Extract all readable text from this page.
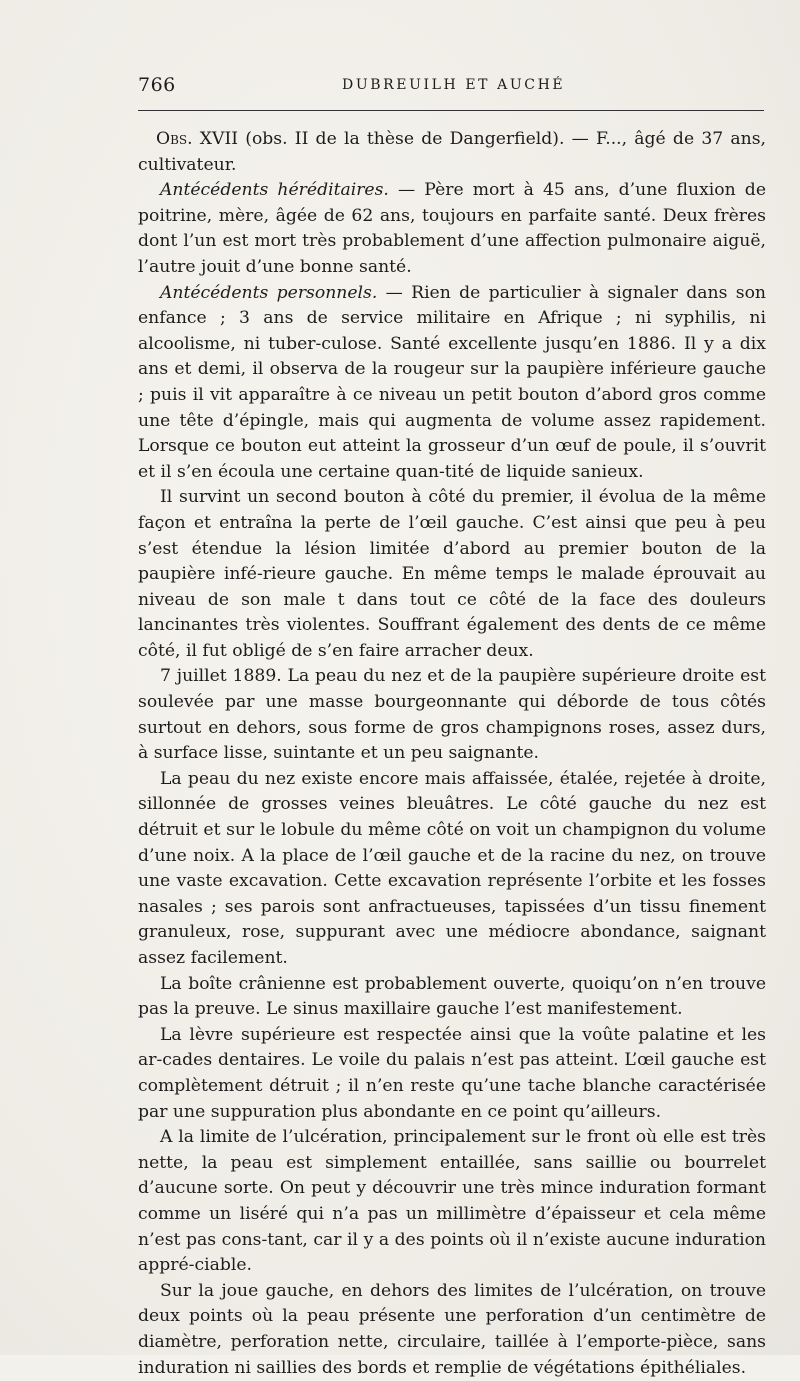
766	DUBREUILH ET AUCHÉ

Obs. XVII (obs. II de la thèse de Dangerfield). — F..., âgé de 37 ans, cultivateur.

Antécédents héréditaires. — Père mort à 45 ans, d’une fluxion de poitrine, mère, âgée de 62 ans, toujours en parfaite santé. Deux frères dont l’un est mort très probablement d’une affection pulmonaire aiguë, l’autre jouit d’une bonne santé.

Antécédents personnels. — Rien de particulier à signaler dans son enfance ; 3 ans de service militaire en Afrique ; ni syphilis, ni alcoolisme, ni tuber-culose. Santé excellente jusqu’en 1886. Il y a dix ans et demi, il observa de la rougeur sur la paupière inférieure gauche ; puis il vit apparaître à ce niveau un petit bouton d’abord gros comme une tête d’épingle, mais qui augmenta de volume assez rapidement. Lorsque ce bouton eut atteint la grosseur d’un œuf de poule, il s’ouvrit et il s’en écoula une certaine quan-tité de liquide sanieux.

Il survint un second bouton à côté du premier, il évolua de la même façon et entraîna la perte de l’œil gauche. C’est ainsi que peu à peu s’est étendue la lésion limitée d’abord au premier bouton de la paupière infé-rieure gauche. En même temps le malade éprouvait au niveau de son male t dans tout ce côté de la face des douleurs lancinantes très violentes. Souffrant également des dents de ce même côté, il fut obligé de s’en faire arracher deux.

7 juillet 1889. La peau du nez et de la paupière supérieure droite est soulevée par une masse bourgeonnante qui déborde de tous côtés surtout en dehors, sous forme de gros champignons roses, assez durs, à surface lisse, suintante et un peu saignante.

La peau du nez existe encore mais affaissée, étalée, rejetée à droite, sillonnée de grosses veines bleuâtres. Le côté gauche du nez est détruit et sur le lobule du même côté on voit un champignon du volume d’une noix. A la place de l’œil gauche et de la racine du nez, on trouve une vaste excavation. Cette excavation représente l’orbite et les fosses nasales ; ses parois sont anfractueuses, tapissées d’un tissu finement granuleux, rose, suppurant avec une médiocre abondance, saignant assez facilement.

La boîte crânienne est probablement ouverte, quoiqu’on n’en trouve pas la preuve. Le sinus maxillaire gauche l’est manifestement.

La lèvre supérieure est respectée ainsi que la voûte palatine et les ar-cades dentaires. Le voile du palais n’est pas atteint. L’œil gauche est complètement détruit ; il n’en reste qu’une tache blanche caractérisée par une suppuration plus abondante en ce point qu’ailleurs.

A la limite de l’ulcération, principalement sur le front où elle est très nette, la peau est simplement entaillée, sans saillie ou bourrelet d’aucune sorte. On peut y découvrir une très mince induration formant comme un liséré qui n’a pas un millimètre d’épaisseur et cela même n’est pas cons-tant, car il y a des points où il n’existe aucune induration appré-ciable.

Sur la joue gauche, en dehors des limites de l’ulcération, on trouve deux points où la peau présente une perforation d’un centimètre de diamètre, perforation nette, circulaire, taillée à l’emporte-pièce, sans induration ni saillies des bords et remplie de végétations épithéliales.
